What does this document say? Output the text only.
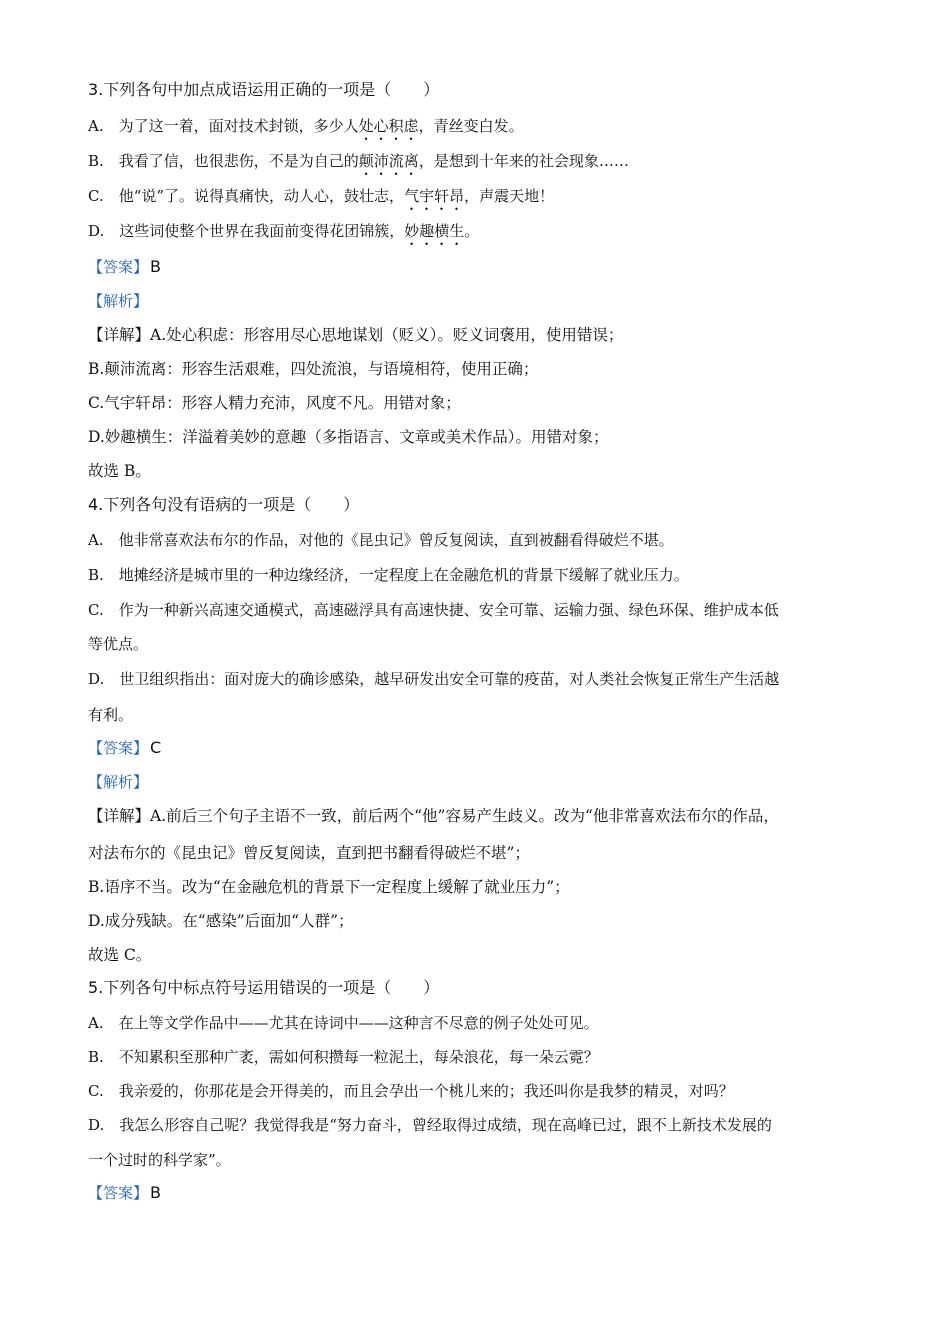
3.下列各句中加点成语运用正确的一项是（　　）
A.　为了这一着，面对技术封锁，多少人处心积虑，青丝变白发。
B.　我看了信，也很悲伤，不是为自己的颠沛流离，是想到十年来的社会现象……
C.　他“说”了。说得真痛快，动人心，鼓壮志，气宇轩昂，声震天地！
D.　这些词使整个世界在我面前变得花团锦簇，妙趣横生。
【答案】 B
【解析】
【详解】A.处心积虑：形容用尽心思地谋划（贬义）。贬义词褒用，使用错误；
B.颠沛流离：形容生活艰难，四处流浪，与语境相符，使用正确；
C.气宇轩昂：形容人精力充沛，风度不凡。用错对象；
D.妙趣横生：洋溢着美妙的意趣（多指语言、文章或美术作品）。用错对象；
故选 B。
4.下列各句没有语病的一项是（　　）
A.　他非常喜欢法布尔的作品，对他的《昆虫记》曾反复阅读，直到被翻看得破烂不堪。
B.　地摊经济是城市里的一种边缘经济，一定程度上在金融危机的背景下缓解了就业压力。
C.　作为一种新兴高速交通模式，高速磁浮具有高速快捷、安全可靠、运输力强、绿色环保、维护成本低
等优点。
D.　世卫组织指出：面对庞大的确诊感染，越早研发出安全可靠的疫苗，对人类社会恢复正常生产生活越
有利。
【答案】 C
【解析】
【详解】A.前后三个句子主语不一致，前后两个“他”容易产生歧义。改为“他非常喜欢法布尔的作品，
对法布尔的《昆虫记》曾反复阅读，直到把书翻看得破烂不堪”；
B.语序不当。改为“在金融危机的背景下一定程度上缓解了就业压力”；
D.成分残缺。在“感染”后面加“人群”；
故选 C。
5.下列各句中标点符号运用错误的一项是（　　）
A.　在上等文学作品中——尤其在诗词中——这种言不尽意的例子处处可见。
B.　不知累积至那种广袤，需如何积攒每一粒泥土，每朵浪花，每一朵云霓？
C.　我亲爱的，你那花是会开得美的，而且会孕出一个桃儿来的；我还叫你是我梦的精灵，对吗？
D.　我怎么形容自己呢？我觉得我是“努力奋斗，曾经取得过成绩，现在高峰已过，跟不上新技术发展的
一个过时的科学家”。
【答案】 B
